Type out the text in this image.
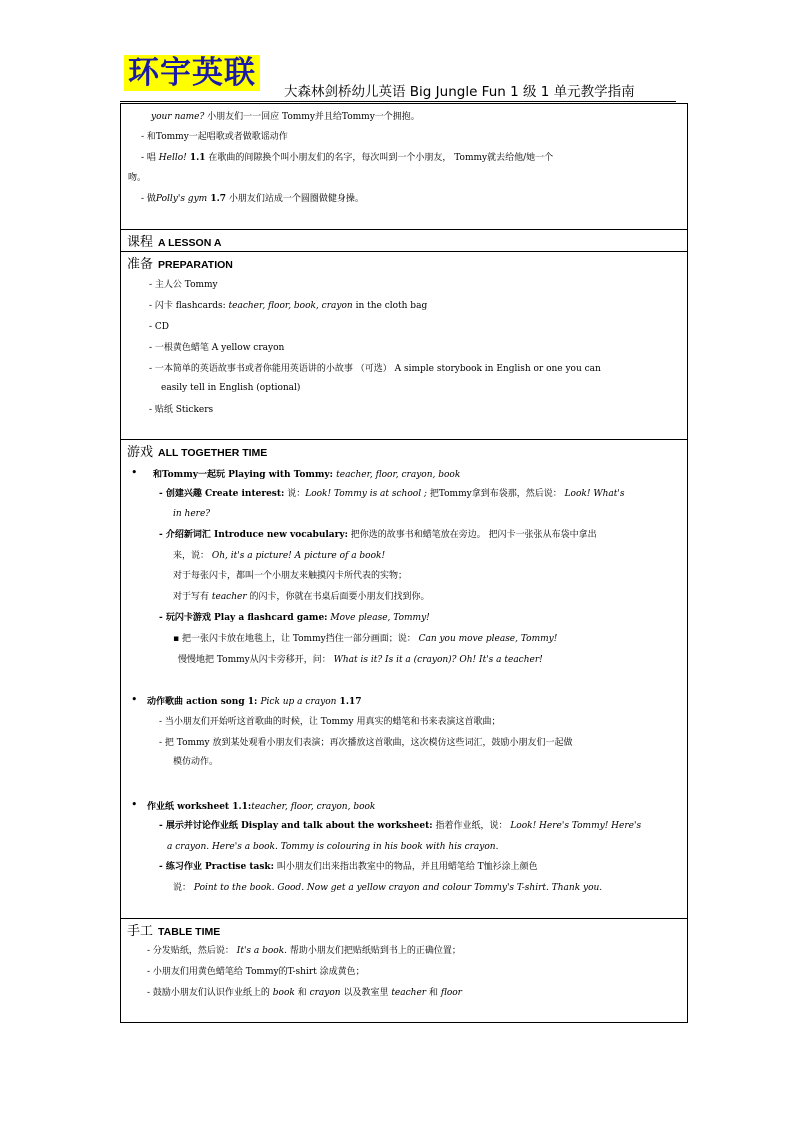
环宇英联
大森林剑桥幼儿英语 Big Jungle Fun 1 级 1 单元教学指南
your name? 小朋友们一一回应 Tommy并且给Tommy一个拥抱。
- 和Tommy一起唱歌或者做歌谣动作
- 唱 Hello! 1.1 在歌曲的间隙换个叫小朋友们的名字，每次叫到一个小朋友， Tommy就去给他/她一个
吻。
- 做Polly's gym 1.7 小朋友们站成一个圆圈做健身操。
课程 A LESSON A
准备 PREPARATION
- 主人公 Tommy
- 闪卡 flashcards: teacher, floor, book, crayon in the cloth bag
- CD
- 一根黄色蜡笔 A yellow crayon
- 一本简单的英语故事书或者你能用英语讲的小故事 （可选） A simple storybook in English or one you can
easily tell in English (optional)
- 贴纸 Stickers
游戏 ALL TOGETHER TIME
• 和Tommy一起玩 Playing with Tommy: teacher, floor, crayon, book
- 创建兴趣 Create interest: 说：Look! Tommy is at school ; 把Tommy拿到布袋那，然后说： Look! What's
in here?
- 介绍新词汇 Introduce new vocabulary: 把你选的故事书和蜡笔放在旁边。 把闪卡一张张从布袋中拿出
来，说： Oh, it's a picture! A picture of a book!
对于每张闪卡，都叫一个小朋友来触摸闪卡所代表的实物；
对于写有 teacher 的闪卡，你就在书桌后面要小朋友们找到你。
- 玩闪卡游戏 Play a flashcard game: Move please, Tommy!
▪ 把一张闪卡放在地毯上，让 Tommy挡住一部分画面；说： Can you move please, Tommy!
慢慢地把 Tommy从闪卡旁移开，问： What is it? Is it a (crayon)? Oh! It's a teacher!
• 动作歌曲 action song 1: Pick up a crayon 1.17
- 当小朋友们开始听这首歌曲的时候，让 Tommy 用真实的蜡笔和书来表演这首歌曲；
- 把 Tommy 放到某处观看小朋友们表演；再次播放这首歌曲，这次模仿这些词汇，鼓励小朋友们一起做
模仿动作。
• 作业纸 worksheet 1.1:teacher, floor, crayon, book
- 展示并讨论作业纸 Display and talk about the worksheet: 指着作业纸，说： Look! Here's Tommy! Here's
a crayon. Here's a book. Tommy is colouring in his book with his crayon.
- 练习作业 Practise task: 叫小朋友们出来指出教室中的物品，并且用蜡笔给 T恤衫涂上颜色
说： Point to the book. Good. Now get a yellow crayon and colour Tommy's T-shirt. Thank you.
手工 TABLE TIME
- 分发贴纸，然后说： It's a book. 帮助小朋友们把贴纸贴到书上的正确位置；
- 小朋友们用黄色蜡笔给 Tommy的T-shirt 涂成黄色；
- 鼓励小朋友们认识作业纸上的 book 和 crayon 以及教室里 teacher 和 floor
